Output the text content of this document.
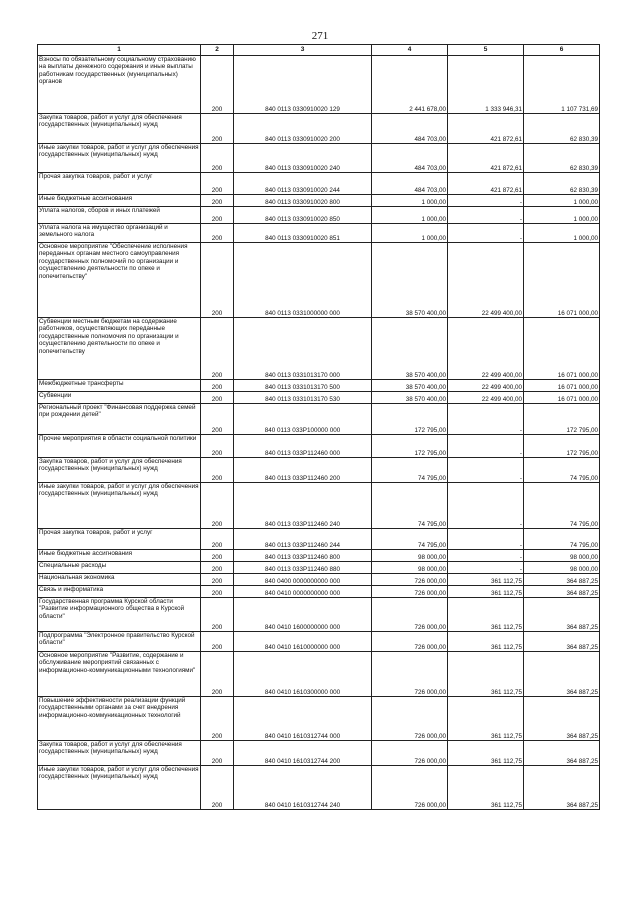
271
1	2	3	4	5	6

Взносы по обязательному социальному страхованию на выплаты денежного содержания и иные выплаты работникам государственных (муниципальных) органов	200	840 0113 0330910020 129	2 441 678,00	1 333 946,31	1 107 731,69

Закупка товаров, работ и услуг для обеспечения государственных (муниципальных) нужд	200	840 0113 0330910020 200	484 703,00	421 872,61	62 830,39

Иные закупки товаров, работ и услуг для обеспечения государственных (муниципальных) нужд	200	840 0113 0330910020 240	484 703,00	421 872,61	62 830,39

Прочая закупка товаров, работ и услуг	200	840 0113 0330910020 244	484 703,00	421 872,61	62 830,39

Иные бюджетные ассигнования	200	840 0113 0330910020 800	1 000,00	-	1 000,00

Уплата налогов, сборов и иных платежей	200	840 0113 0330910020 850	1 000,00	-	1 000,00

Уплата налога на имущество организаций и земельного налога	200	840 0113 0330910020 851	1 000,00	-	1 000,00

Основное мероприятие "Обеспечение исполнения переданных органам местного самоуправления государственных полномочий по организации и осуществлению деятельности по опеке и попечительству"	200	840 0113 0331000000 000	38 570 400,00	22 499 400,00	16 071 000,00

Субвенции местным бюджетам на содержание работников, осуществляющих переданные государственные полномочия по организации и осуществлению деятельности по опеке и попечительству	200	840 0113 0331013170 000	38 570 400,00	22 499 400,00	16 071 000,00

Межбюджетные трансферты	200	840 0113 0331013170 500	38 570 400,00	22 499 400,00	16 071 000,00

Субвенции	200	840 0113 0331013170 530	38 570 400,00	22 499 400,00	16 071 000,00

Региональный проект "Финансовая поддержка семей при рождении детей"	200	840 0113 033P100000 000	172 795,00	-	172 795,00

Прочие мероприятия в области социальной политики	200	840 0113 033P112460 000	172 795,00	-	172 795,00

Закупка товаров, работ и услуг для обеспечения государственных (муниципальных) нужд	200	840 0113 033P112460 200	74 795,00	-	74 795,00

Иные закупки товаров, работ и услуг для обеспечения государственных (муниципальных) нужд	200	840 0113 033P112460 240	74 795,00	-	74 795,00

Прочая закупка товаров, работ и услуг	200	840 0113 033P112460 244	74 795,00	-	74 795,00

Иные бюджетные ассигнования	200	840 0113 033P112460 800	98 000,00	-	98 000,00

Специальные расходы	200	840 0113 033P112460 880	98 000,00	-	98 000,00

Национальная экономика	200	840 0400 0000000000 000	726 000,00	361 112,75	364 887,25

Связь и информатика	200	840 0410 0000000000 000	726 000,00	361 112,75	364 887,25

Государственная программа Курской области "Развитие информационного общества в Курской области"	200	840 0410 1600000000 000	726 000,00	361 112,75	364 887,25

Подпрограмма "Электронное правительство Курской области"	200	840 0410 1610000000 000	726 000,00	361 112,75	364 887,25

Основное мероприятие "Развитие, содержание и обслуживание мероприятий связанных с информационно-коммуникационными технологиями"	200	840 0410 1610300000 000	726 000,00	361 112,75	364 887,25

Повышение эффективности реализации функций государственными органами за счет внедрения информационно-коммуникационных технологий	200	840 0410 1610312744 000	726 000,00	361 112,75	364 887,25

Закупка товаров, работ и услуг для обеспечения государственных (муниципальных) нужд	200	840 0410 1610312744 200	726 000,00	361 112,75	364 887,25

Иные закупки товаров, работ и услуг для обеспечения государственных (муниципальных) нужд	200	840 0410 1610312744 240	726 000,00	361 112,75	364 887,25
